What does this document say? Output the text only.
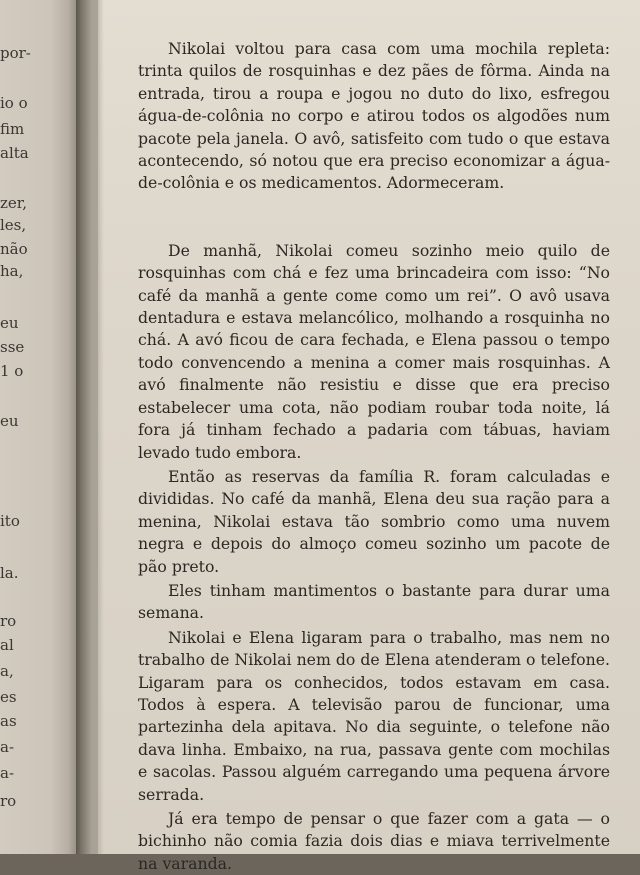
por-
io o
fim
alta
zer,
les,
não
ha,
eu
sse
1 o
eu
ito
la.
ro
al
a,
es
as
a-
a-
ro

Nikolai voltou para casa com uma mochila repleta: trinta quilos de rosquinhas e dez pães de fôrma. Ainda na entrada, tirou a roupa e jogou no duto do lixo, esfregou água-de-colônia no corpo e atirou todos os algodões num pacote pela janela. O avô, satisfeito com tudo o que estava acontecendo, só notou que era preciso economizar a água-de-colônia e os medicamentos. Adormeceram.

De manhã, Nikolai comeu sozinho meio quilo de rosquinhas com chá e fez uma brincadeira com isso: “No café da manhã a gente come como um rei”. O avô usava dentadura e estava melancólico, molhando a rosquinha no chá. A avó ficou de cara fechada, e Elena passou o tempo todo convencendo a menina a comer mais rosquinhas. A avó finalmente não resistiu e disse que era preciso estabelecer uma cota, não podiam roubar toda noite, lá fora já tinham fechado a padaria com tábuas, haviam levado tudo embora.

Então as reservas da família R. foram calculadas e divididas. No café da manhã, Elena deu sua ração para a menina, Nikolai estava tão sombrio como uma nuvem negra e depois do almoço comeu sozinho um pacote de pão preto.

Eles tinham mantimentos o bastante para durar uma semana.

Nikolai e Elena ligaram para o trabalho, mas nem no trabalho de Nikolai nem do de Elena atenderam o telefone. Ligaram para os conhecidos, todos estavam em casa. Todos à espera. A televisão parou de funcionar, uma partezinha dela apitava. No dia seguinte, o telefone não dava linha. Embaixo, na rua, passava gente com mochilas e sacolas. Passou alguém carregando uma pequena árvore serrada.

Já era tempo de pensar o que fazer com a gata — o bichinho não comia fazia dois dias e miava terrivelmente na varanda.
